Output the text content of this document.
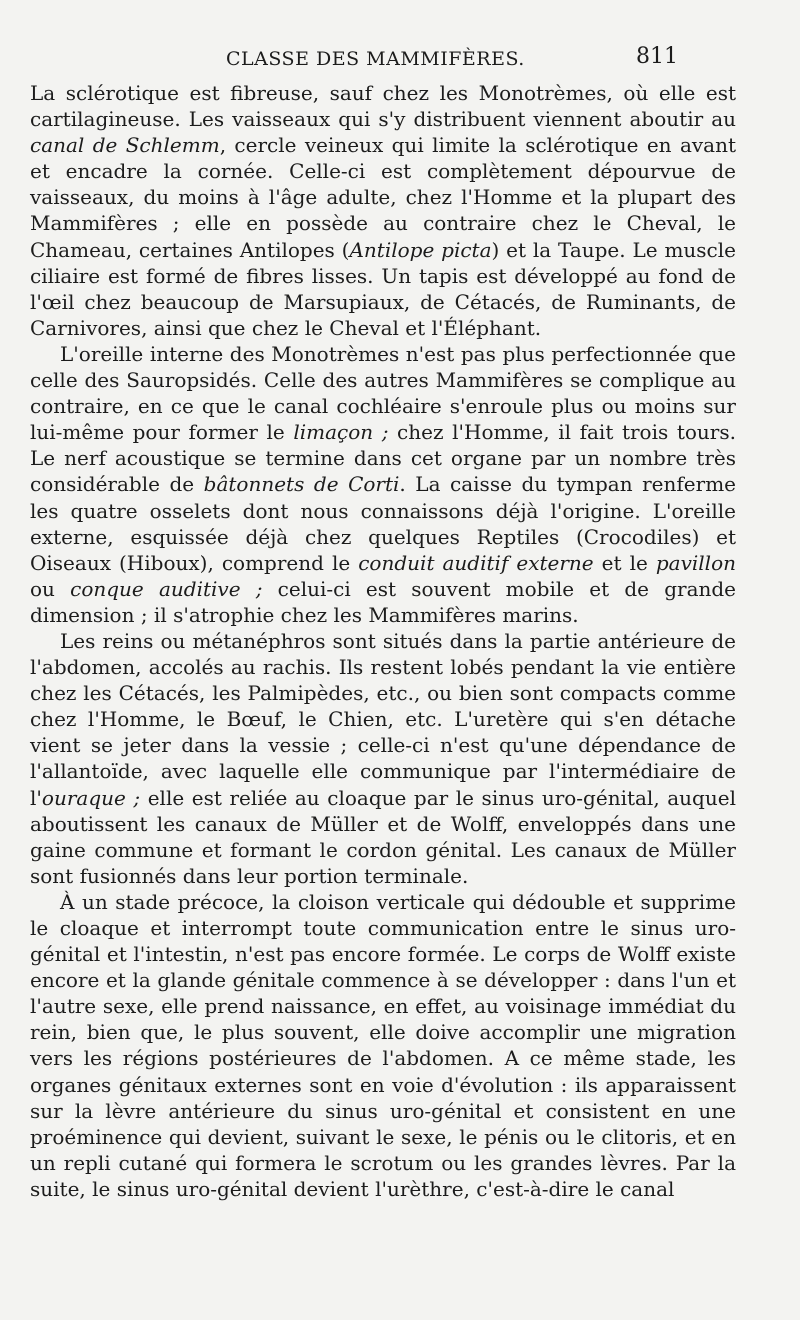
CLASSE DES MAMMIFÈRES.	811

La sclérotique est fibreuse, sauf chez les Monotrèmes, où elle est cartilagineuse. Les vaisseaux qui s'y distribuent viennent aboutir au canal de Schlemm, cercle veineux qui limite la sclérotique en avant et encadre la cornée. Celle-ci est complètement dépourvue de vaisseaux, du moins à l'âge adulte, chez l'Homme et la plupart des Mammifères ; elle en possède au contraire chez le Cheval, le Chameau, certaines Antilopes (Antilope picta) et la Taupe. Le muscle ciliaire est formé de fibres lisses. Un tapis est développé au fond de l'œil chez beaucoup de Marsupiaux, de Cétacés, de Ruminants, de Carnivores, ainsi que chez le Cheval et l'Éléphant.

L'oreille interne des Monotrèmes n'est pas plus perfectionnée que celle des Sauropsidés. Celle des autres Mammifères se complique au contraire, en ce que le canal cochléaire s'enroule plus ou moins sur lui-même pour former le limaçon ; chez l'Homme, il fait trois tours. Le nerf acoustique se termine dans cet organe par un nombre très considérable de bâtonnets de Corti. La caisse du tympan renferme les quatre osselets dont nous connaissons déjà l'origine. L'oreille externe, esquissée déjà chez quelques Reptiles (Crocodiles) et Oiseaux (Hiboux), comprend le conduit auditif externe et le pavillon ou conque auditive ; celui-ci est souvent mobile et de grande dimension ; il s'atrophie chez les Mammifères marins.

Les reins ou métanéphros sont situés dans la partie antérieure de l'abdomen, accolés au rachis. Ils restent lobés pendant la vie entière chez les Cétacés, les Palmipèdes, etc., ou bien sont compacts comme chez l'Homme, le Bœuf, le Chien, etc. L'uretère qui s'en détache vient se jeter dans la vessie ; celle-ci n'est qu'une dépendance de l'allantoïde, avec laquelle elle communique par l'intermédiaire de l'ouraque ; elle est reliée au cloaque par le sinus uro-génital, auquel aboutissent les canaux de Müller et de Wolff, enveloppés dans une gaine commune et formant le cordon génital. Les canaux de Müller sont fusionnés dans leur portion terminale.

À un stade précoce, la cloison verticale qui dédouble et supprime le cloaque et interrompt toute communication entre le sinus uro-génital et l'intestin, n'est pas encore formée. Le corps de Wolff existe encore et la glande génitale commence à se développer : dans l'un et l'autre sexe, elle prend naissance, en effet, au voisinage immédiat du rein, bien que, le plus souvent, elle doive accomplir une migration vers les régions postérieures de l'abdomen. A ce même stade, les organes génitaux externes sont en voie d'évolution : ils apparaissent sur la lèvre antérieure du sinus uro-génital et consistent en une proéminence qui devient, suivant le sexe, le pénis ou le clitoris, et en un repli cutané qui formera le scrotum ou les grandes lèvres. Par la suite, le sinus uro-génital devient l'urèthre, c'est-à-dire le canal
